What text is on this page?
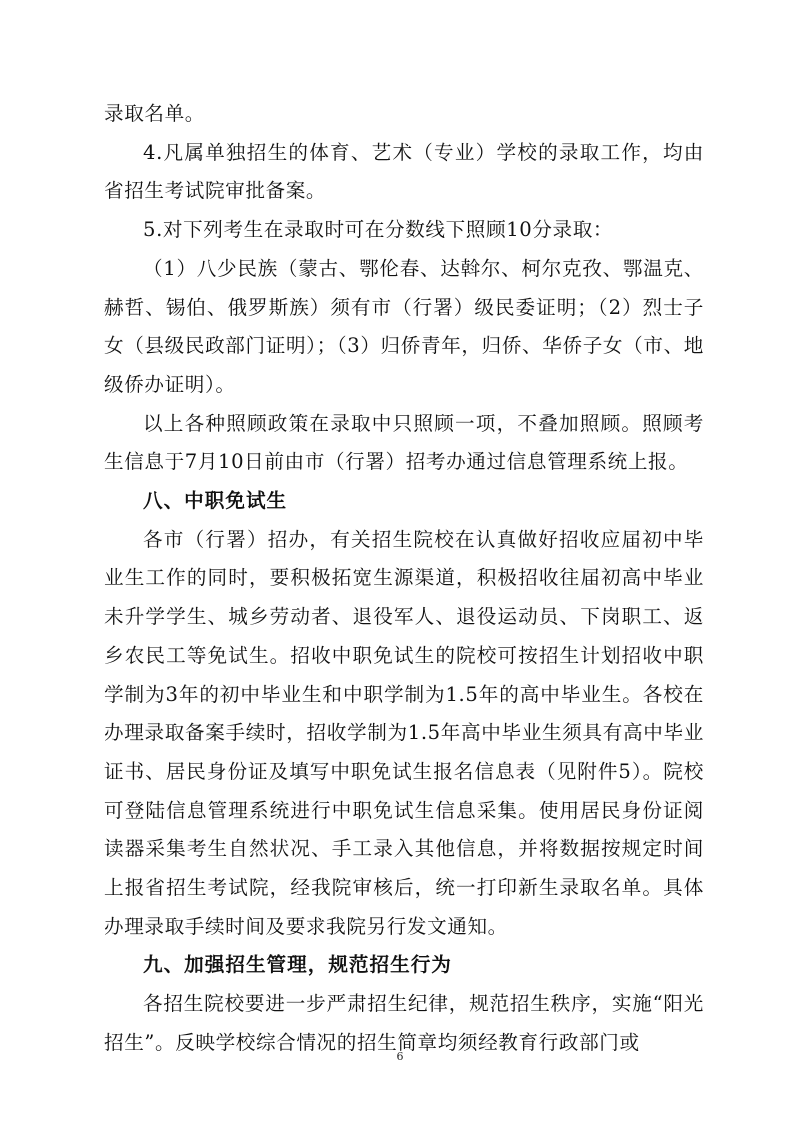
录取名单。

4.凡属单独招生的体育、艺术（专业）学校的录取工作，均由省招生考试院审批备案。

5.对下列考生在录取时可在分数线下照顾10分录取：

（1）八少民族（蒙古、鄂伦春、达斡尔、柯尔克孜、鄂温克、赫哲、锡伯、俄罗斯族）须有市（行署）级民委证明；（2）烈士子女（县级民政部门证明）；（3）归侨青年，归侨、华侨子女（市、地级侨办证明）。

以上各种照顾政策在录取中只照顾一项，不叠加照顾。照顾考生信息于7月10日前由市（行署）招考办通过信息管理系统上报。

八、中职免试生

各市（行署）招办，有关招生院校在认真做好招收应届初中毕业生工作的同时，要积极拓宽生源渠道，积极招收往届初高中毕业未升学学生、城乡劳动者、退役军人、退役运动员、下岗职工、返乡农民工等免试生。招收中职免试生的院校可按招生计划招收中职学制为3年的初中毕业生和中职学制为1.5年的高中毕业生。各校在办理录取备案手续时，招收学制为1.5年高中毕业生须具有高中毕业证书、居民身份证及填写中职免试生报名信息表（见附件5）。院校可登陆信息管理系统进行中职免试生信息采集。使用居民身份证阅读器采集考生自然状况、手工录入其他信息，并将数据按规定时间上报省招生考试院，经我院审核后，统一打印新生录取名单。具体办理录取手续时间及要求我院另行发文通知。

九、加强招生管理，规范招生行为

各招生院校要进一步严肃招生纪律，规范招生秩序，实施“阳光招生”。反映学校综合情况的招生简章均须经教育行政部门或

6
